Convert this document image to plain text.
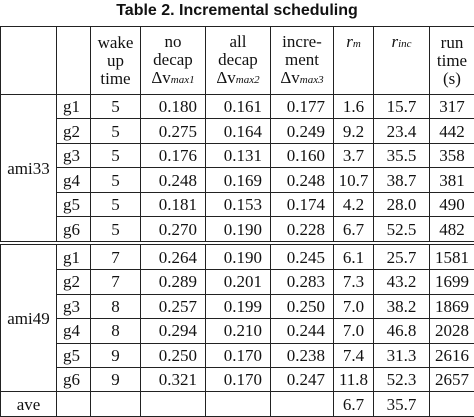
Table 2. Incremental scheduling
		wake
up
time	no
decap
Δvmax1	all
decap
Δvmax2	incre-
ment
Δvmax3	rm	rinc	run
time
(s)
ami33	g1	5	0.180	0.161	0.177	1.6	15.7	317
	g2	5	0.275	0.164	0.249	9.2	23.4	442
	g3	5	0.176	0.131	0.160	3.7	35.5	358
	g4	5	0.248	0.169	0.248	10.7	38.7	381
	g5	5	0.181	0.153	0.174	4.2	28.0	490
	g6	5	0.270	0.190	0.228	6.7	52.5	482
ami49	g1	7	0.264	0.190	0.245	6.1	25.7	1581
	g2	7	0.289	0.201	0.283	7.3	43.2	1699
	g3	8	0.257	0.199	0.250	7.0	38.2	1869
	g4	8	0.294	0.210	0.244	7.0	46.8	2028
	g5	9	0.250	0.170	0.238	7.4	31.3	2616
	g6	9	0.321	0.170	0.247	11.8	52.3	2657
ave						6.7	35.7	
